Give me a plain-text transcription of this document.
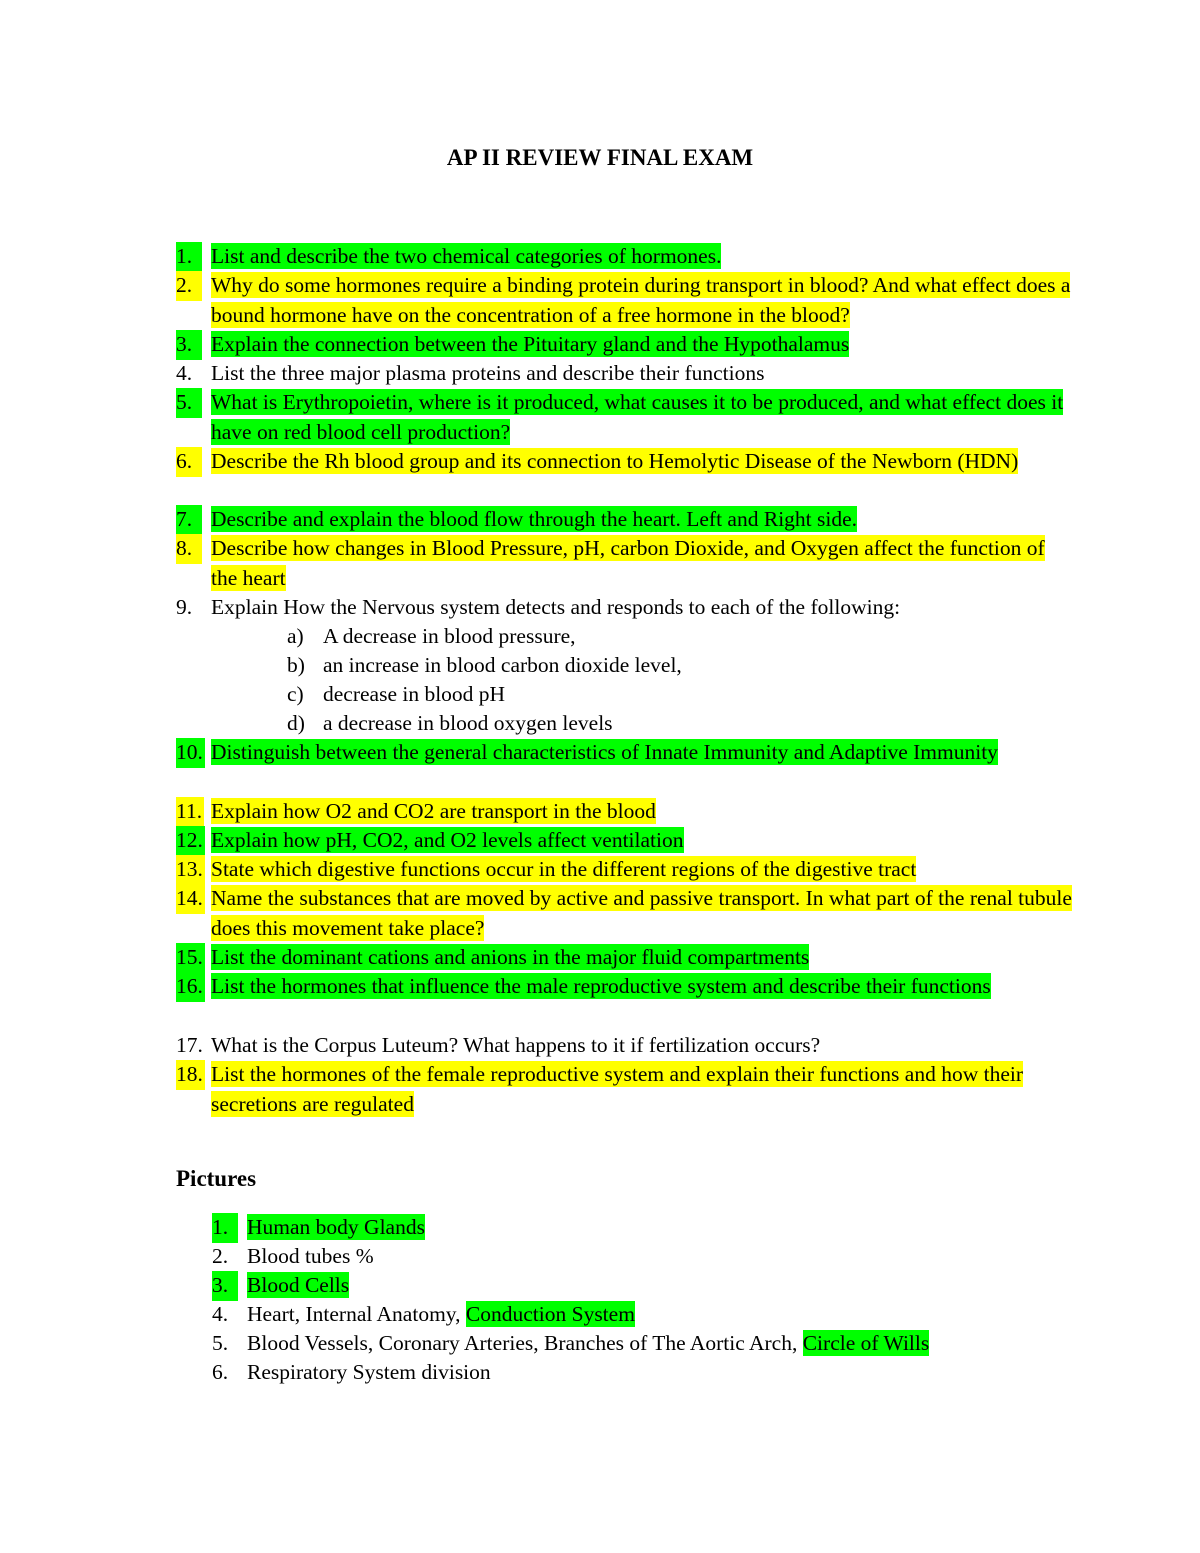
AP II REVIEW FINAL EXAM
1. List and describe the two chemical categories of hormones.
2. Why do some hormones require a binding protein during transport in blood? And what effect does a bound hormone have on the concentration of a free hormone in the blood?
3. Explain the connection between the Pituitary gland and the Hypothalamus
4. List the three major plasma proteins and describe their functions
5. What is Erythropoietin, where is it produced, what causes it to be produced, and what effect does it have on red blood cell production?
6. Describe the Rh blood group and its connection to Hemolytic Disease of the Newborn (HDN)
7. Describe and explain the blood flow through the heart. Left and Right side.
8. Describe how changes in Blood Pressure, pH, carbon Dioxide, and Oxygen affect the function of the heart
9. Explain How the Nervous system detects and responds to each of the following:
10. Distinguish between the general characteristics of Innate Immunity and Adaptive Immunity
11. Explain how O2 and CO2 are transport in the blood
12. Explain how pH, CO2, and O2 levels affect ventilation
13. State which digestive functions occur in the different regions of the digestive tract
14. Name the substances that are moved by active and passive transport. In what part of the renal tubule does this movement take place?
15. List the dominant cations and anions in the major fluid compartments
16. List the hormones that influence the male reproductive system and describe their functions
17. What is the Corpus Luteum? What happens to it if fertilization occurs?
18. List the hormones of the female reproductive system and explain their functions and how their secretions are regulated
a) A decrease in blood pressure,
b) an increase in blood carbon dioxide level,
c) decrease in blood pH
d) a decrease in blood oxygen levels
Pictures
1. Human body Glands
2. Blood tubes %
3. Blood Cells
4. Heart, Internal Anatomy, Conduction System
5. Blood Vessels, Coronary Arteries, Branches of The Aortic Arch, Circle of Wills
6. Respiratory System division
